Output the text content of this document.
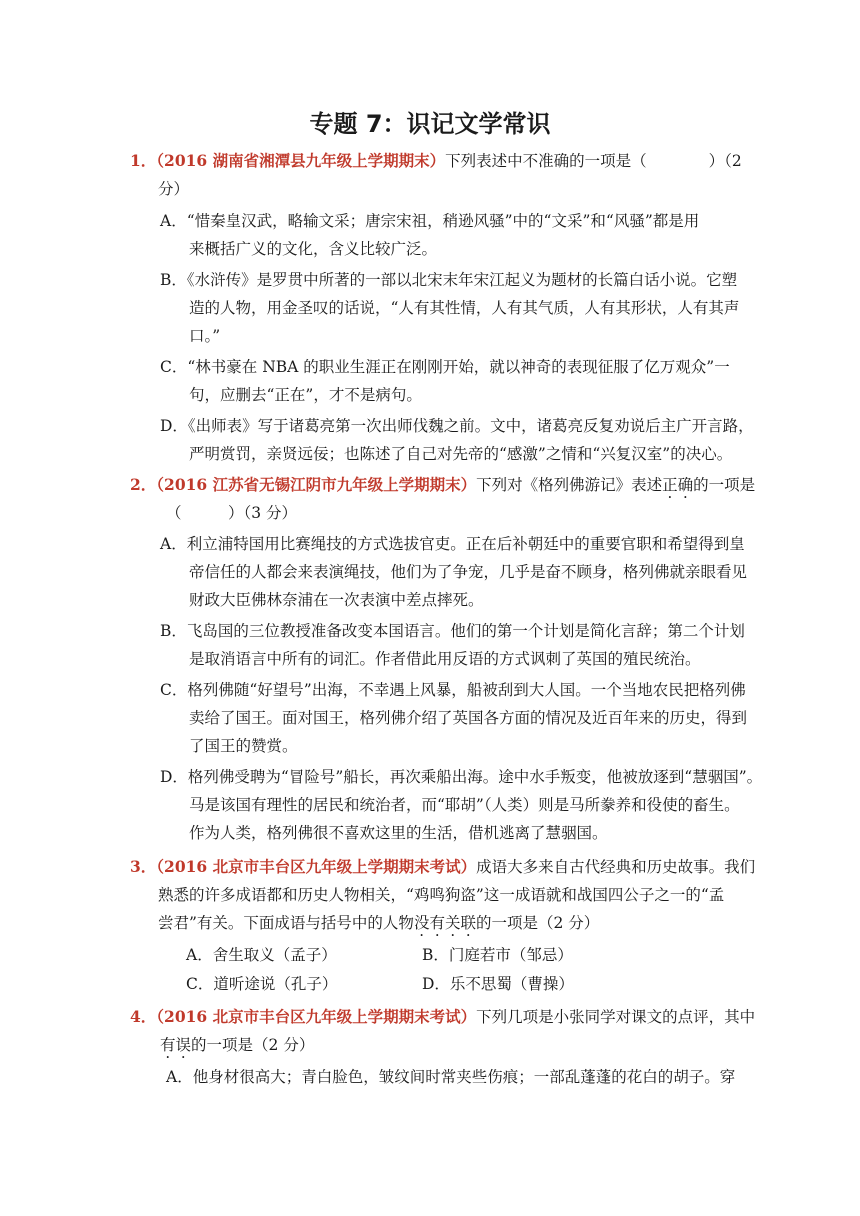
专题 7：识记文学常识
1．（2016 湖南省湘潭县九年级上学期期末）下列表述中不准确的一项是（　　　　）（2
分）
A．“惜秦皇汉武，略输文采；唐宗宋祖，稍逊风骚”中的“文采”和“风骚”都是用
来概括广义的文化，含义比较广泛。
B．《水浒传》是罗贯中所著的一部以北宋末年宋江起义为题材的长篇白话小说。它塑
造的人物，用金圣叹的话说，“人有其性情，人有其气质，人有其形状，人有其声
口。”
C．“林书豪在 NBA 的职业生涯正在刚刚开始，就以神奇的表现征服了亿万观众”一
句，应删去“正在”，才不是病句。
D．《出师表》写于诸葛亮第一次出师伐魏之前。文中，诸葛亮反复劝说后主广开言路，
严明赏罚，亲贤远佞；也陈述了自己对先帝的“感激”之情和“兴复汉室”的决心。
2．（2016 江苏省无锡江阴市九年级上学期期末）下列对《格列佛游记》表述正确的一项是
（　　　）（3 分）
A．利立浦特国用比赛绳技的方式选拔官吏。正在后补朝廷中的重要官职和希望得到皇
帝信任的人都会来表演绳技，他们为了争宠，几乎是奋不顾身，格列佛就亲眼看见
财政大臣佛林奈浦在一次表演中差点摔死。
B．飞岛国的三位教授准备改变本国语言。他们的第一个计划是简化言辞；第二个计划
是取消语言中所有的词汇。作者借此用反语的方式讽刺了英国的殖民统治。
C．格列佛随“好望号”出海，不幸遇上风暴，船被刮到大人国。一个当地农民把格列佛
卖给了国王。面对国王，格列佛介绍了英国各方面的情况及近百年来的历史，得到
了国王的赞赏。
D．格列佛受聘为“冒险号”船长，再次乘船出海。途中水手叛变，他被放逐到“慧骃国”。
马是该国有理性的居民和统治者，而“耶胡”（人类）则是马所豢养和役使的畜生。
作为人类，格列佛很不喜欢这里的生活，借机逃离了慧骃国。
3．（2016 北京市丰台区九年级上学期期末考试）成语大多来自古代经典和历史故事。我们
熟悉的许多成语都和历史人物相关，“鸡鸣狗盗”这一成语就和战国四公子之一的“孟
尝君”有关。下面成语与括号中的人物没有关联的一项是（2 分）
A．舍生取义（孟子）	B．门庭若市（邹忌）
C．道听途说（孔子）	D．乐不思蜀（曹操）
4．（2016 北京市丰台区九年级上学期期末考试）下列几项是小张同学对课文的点评，其中
有误的一项是（2 分）
A．他身材很高大；青白脸色，皱纹间时常夹些伤痕；一部乱蓬蓬的花白的胡子。穿
